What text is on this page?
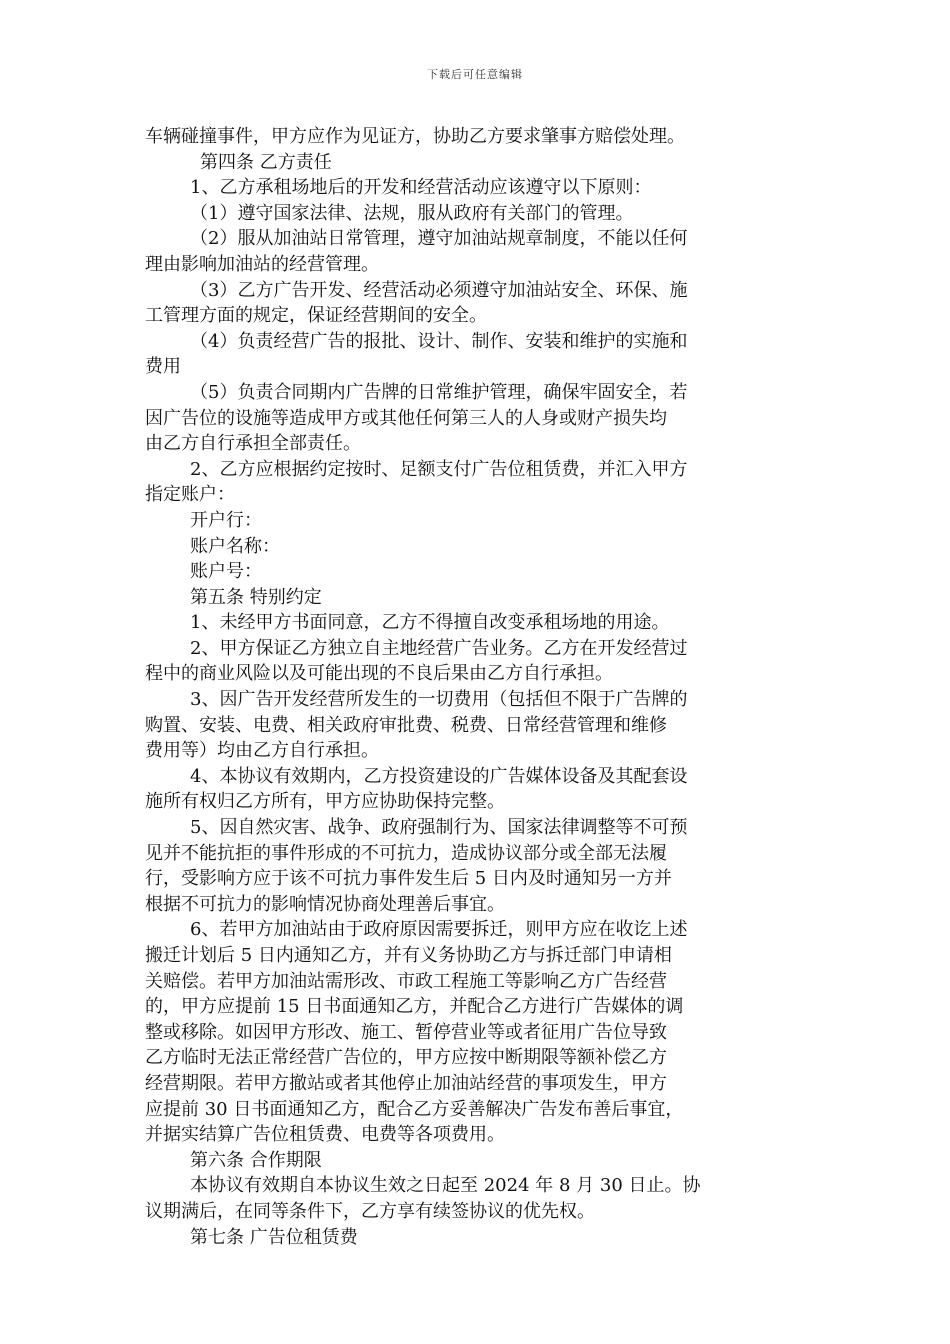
下载后可任意编辑

车辆碰撞事件，甲方应作为见证方，协助乙方要求肇事方赔偿处理。

第四条 乙方责任

1、乙方承租场地后的开发和经营活动应该遵守以下原则：

（1）遵守国家法律、法规，服从政府有关部门的管理。

（2）服从加油站日常管理，遵守加油站规章制度，不能以任何

理由影响加油站的经营管理。

（3）乙方广告开发、经营活动必须遵守加油站安全、环保、施

工管理方面的规定，保证经营期间的安全。

（4）负责经营广告的报批、设计、制作、安装和维护的实施和

费用

（5）负责合同期内广告牌的日常维护管理，确保牢固安全，若

因广告位的设施等造成甲方或其他任何第三人的人身或财产损失均

由乙方自行承担全部责任。

2、乙方应根据约定按时、足额支付广告位租赁费，并汇入甲方

指定账户：

开户行：

账户名称：

账户号：

第五条 特别约定

1、未经甲方书面同意，乙方不得擅自改变承租场地的用途。

2、甲方保证乙方独立自主地经营广告业务。乙方在开发经营过

程中的商业风险以及可能出现的不良后果由乙方自行承担。

3、因广告开发经营所发生的一切费用（包括但不限于广告牌的

购置、安装、电费、相关政府审批费、税费、日常经营管理和维修

费用等）均由乙方自行承担。

4、本协议有效期内，乙方投资建设的广告媒体设备及其配套设

施所有权归乙方所有，甲方应协助保持完整。

5、因自然灾害、战争、政府强制行为、国家法律调整等不可预

见并不能抗拒的事件形成的不可抗力，造成协议部分或全部无法履

行，受影响方应于该不可抗力事件发生后 5 日内及时通知另一方并

根据不可抗力的影响情况协商处理善后事宜。

6、若甲方加油站由于政府原因需要拆迁，则甲方应在收讫上述

搬迁计划后 5 日内通知乙方，并有义务协助乙方与拆迁部门申请相

关赔偿。若甲方加油站需形改、市政工程施工等影响乙方广告经营

的，甲方应提前 15 日书面通知乙方，并配合乙方进行广告媒体的调

整或移除。如因甲方形改、施工、暂停营业等或者征用广告位导致

乙方临时无法正常经营广告位的，甲方应按中断期限等额补偿乙方

经营期限。若甲方撤站或者其他停止加油站经营的事项发生，甲方

应提前 30 日书面通知乙方，配合乙方妥善解决广告发布善后事宜，

并据实结算广告位租赁费、电费等各项费用。

第六条 合作期限

本协议有效期自本协议生效之日起至 2024 年 8 月 30 日止。协

议期满后，在同等条件下，乙方享有续签协议的优先权。

第七条 广告位租赁费
